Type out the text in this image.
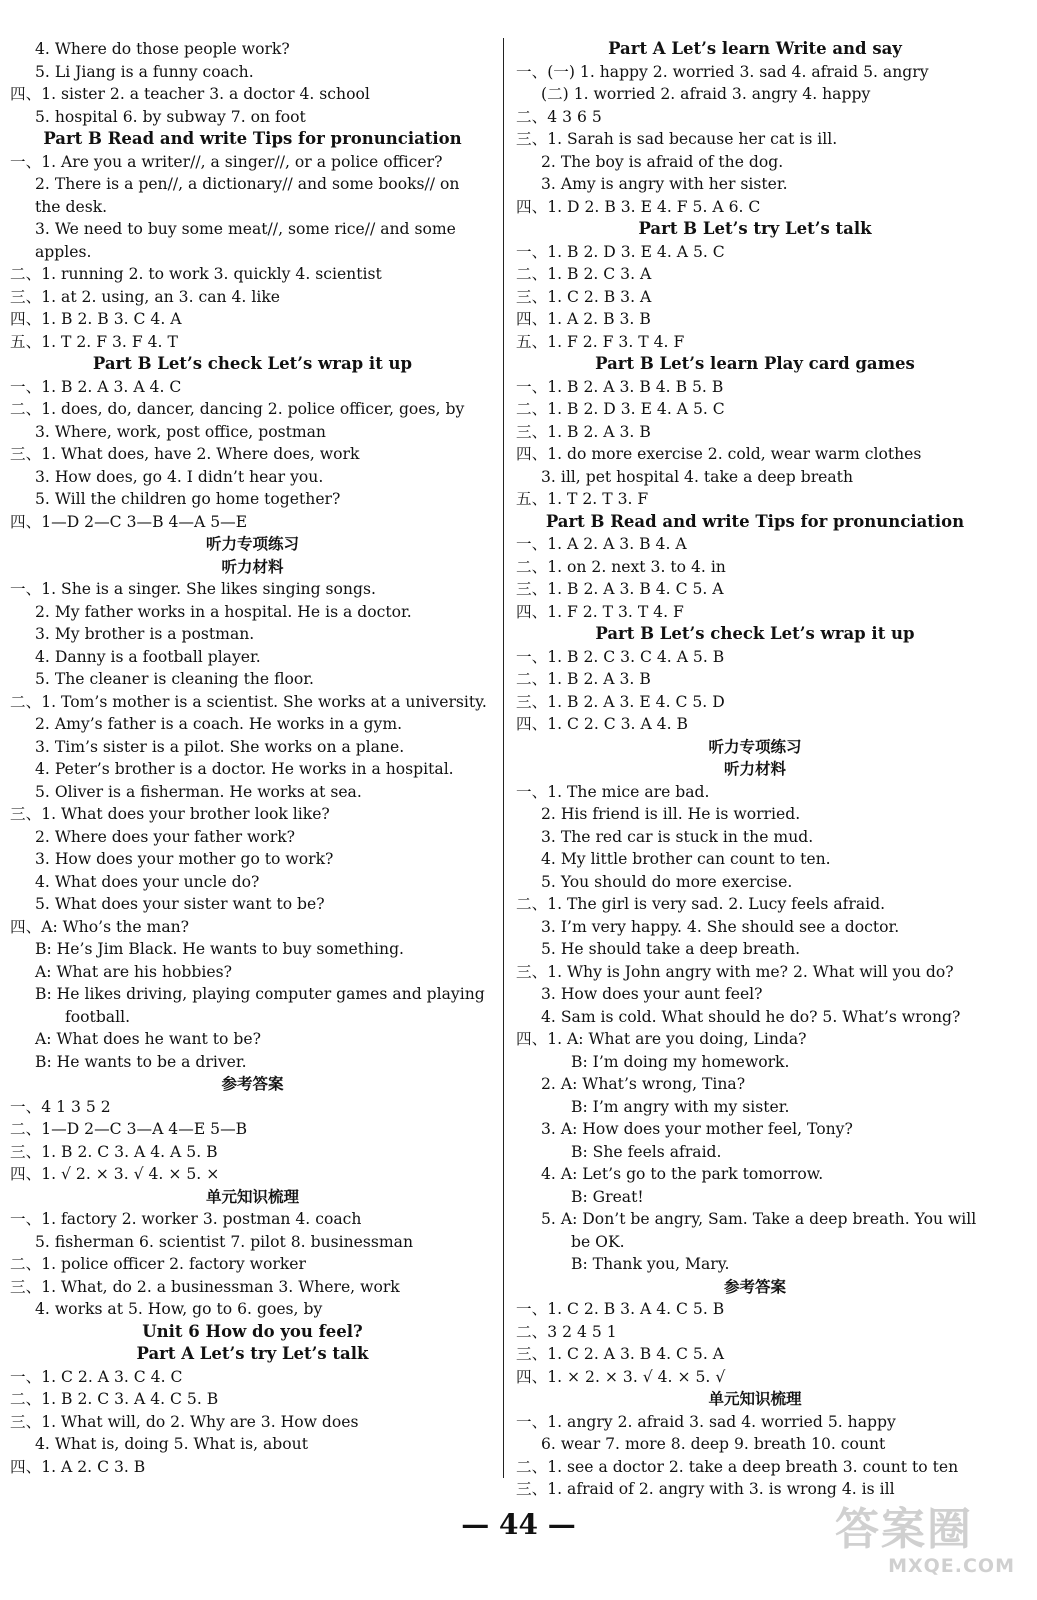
4. Where do those people work?
5. Li Jiang is a funny coach.
四、1. sister 2. a teacher 3. a doctor 4. school
5. hospital 6. by subway 7. on foot
Part B Read and write Tips for pronunciation
一、1. Are you a writer//, a singer//, or a police officer?
2. There is a pen//, a dictionary// and some books// on
the desk.
3. We need to buy some meat//, some rice// and some
apples.
二、1. running 2. to work 3. quickly 4. scientist
三、1. at 2. using, an 3. can 4. like
四、1. B 2. B 3. C 4. A
五、1. T 2. F 3. F 4. T
Part B Let’s check Let’s wrap it up
一、1. B 2. A 3. A 4. C
二、1. does, do, dancer, dancing 2. police officer, goes, by
3. Where, work, post office, postman
三、1. What does, have 2. Where does, work
3. How does, go 4. I didn’t hear you.
5. Will the children go home together?
四、1—D 2—C 3—B 4—A 5—E
听力专项练习
听力材料
一、1. She is a singer. She likes singing songs.
2. My father works in a hospital. He is a doctor.
3. My brother is a postman.
4. Danny is a football player.
5. The cleaner is cleaning the floor.
二、1. Tom’s mother is a scientist. She works at a university.
2. Amy’s father is a coach. He works in a gym.
3. Tim’s sister is a pilot. She works on a plane.
4. Peter’s brother is a doctor. He works in a hospital.
5. Oliver is a fisherman. He works at sea.
三、1. What does your brother look like?
2. Where does your father work?
3. How does your mother go to work?
4. What does your uncle do?
5. What does your sister want to be?
四、A: Who’s the man?
B: He’s Jim Black. He wants to buy something.
A: What are his hobbies?
B: He likes driving, playing computer games and playing
football.
A: What does he want to be?
B: He wants to be a driver.
参考答案
一、4 1 3 5 2
二、1—D 2—C 3—A 4—E 5—B
三、1. B 2. C 3. A 4. A 5. B
四、1. √ 2. × 3. √ 4. × 5. ×
单元知识梳理
一、1. factory 2. worker 3. postman 4. coach
5. fisherman 6. scientist 7. pilot 8. businessman
二、1. police officer 2. factory worker
三、1. What, do 2. a businessman 3. Where, work
4. works at 5. How, go to 6. goes, by
Unit 6 How do you feel?
Part A Let’s try Let’s talk
一、1. C 2. A 3. C 4. C
二、1. B 2. C 3. A 4. C 5. B
三、1. What will, do 2. Why are 3. How does
4. What is, doing 5. What is, about
四、1. A 2. C 3. B
Part A Let’s learn Write and say
一、(一) 1. happy 2. worried 3. sad 4. afraid 5. angry
(二) 1. worried 2. afraid 3. angry 4. happy
二、4 3 6 5
三、1. Sarah is sad because her cat is ill.
2. The boy is afraid of the dog.
3. Amy is angry with her sister.
四、1. D 2. B 3. E 4. F 5. A 6. C
Part B Let’s try Let’s talk
一、1. B 2. D 3. E 4. A 5. C
二、1. B 2. C 3. A
三、1. C 2. B 3. A
四、1. A 2. B 3. B
五、1. F 2. F 3. T 4. F
Part B Let’s learn Play card games
一、1. B 2. A 3. B 4. B 5. B
二、1. B 2. D 3. E 4. A 5. C
三、1. B 2. A 3. B
四、1. do more exercise 2. cold, wear warm clothes
3. ill, pet hospital 4. take a deep breath
五、1. T 2. T 3. F
Part B Read and write Tips for pronunciation
一、1. A 2. A 3. B 4. A
二、1. on 2. next 3. to 4. in
三、1. B 2. A 3. B 4. C 5. A
四、1. F 2. T 3. T 4. F
Part B Let’s check Let’s wrap it up
一、1. B 2. C 3. C 4. A 5. B
二、1. B 2. A 3. B
三、1. B 2. A 3. E 4. C 5. D
四、1. C 2. C 3. A 4. B
听力专项练习
听力材料
一、1. The mice are bad.
2. His friend is ill. He is worried.
3. The red car is stuck in the mud.
4. My little brother can count to ten.
5. You should do more exercise.
二、1. The girl is very sad. 2. Lucy feels afraid.
3. I’m very happy. 4. She should see a doctor.
5. He should take a deep breath.
三、1. Why is John angry with me? 2. What will you do?
3. How does your aunt feel?
4. Sam is cold. What should he do? 5. What’s wrong?
四、1. A: What are you doing, Linda?
B: I’m doing my homework.
2. A: What’s wrong, Tina?
B: I’m angry with my sister.
3. A: How does your mother feel, Tony?
B: She feels afraid.
4. A: Let’s go to the park tomorrow.
B: Great!
5. A: Don’t be angry, Sam. Take a deep breath. You will
be OK.
B: Thank you, Mary.
参考答案
一、1. C 2. B 3. A 4. C 5. B
二、3 2 4 5 1
三、1. C 2. A 3. B 4. C 5. A
四、1. × 2. × 3. √ 4. × 5. √
单元知识梳理
一、1. angry 2. afraid 3. sad 4. worried 5. happy
6. wear 7. more 8. deep 9. breath 10. count
二、1. see a doctor 2. take a deep breath 3. count to ten
三、1. afraid of 2. angry with 3. is wrong 4. is ill
— 44 —	答案圈
MXQE.COM
